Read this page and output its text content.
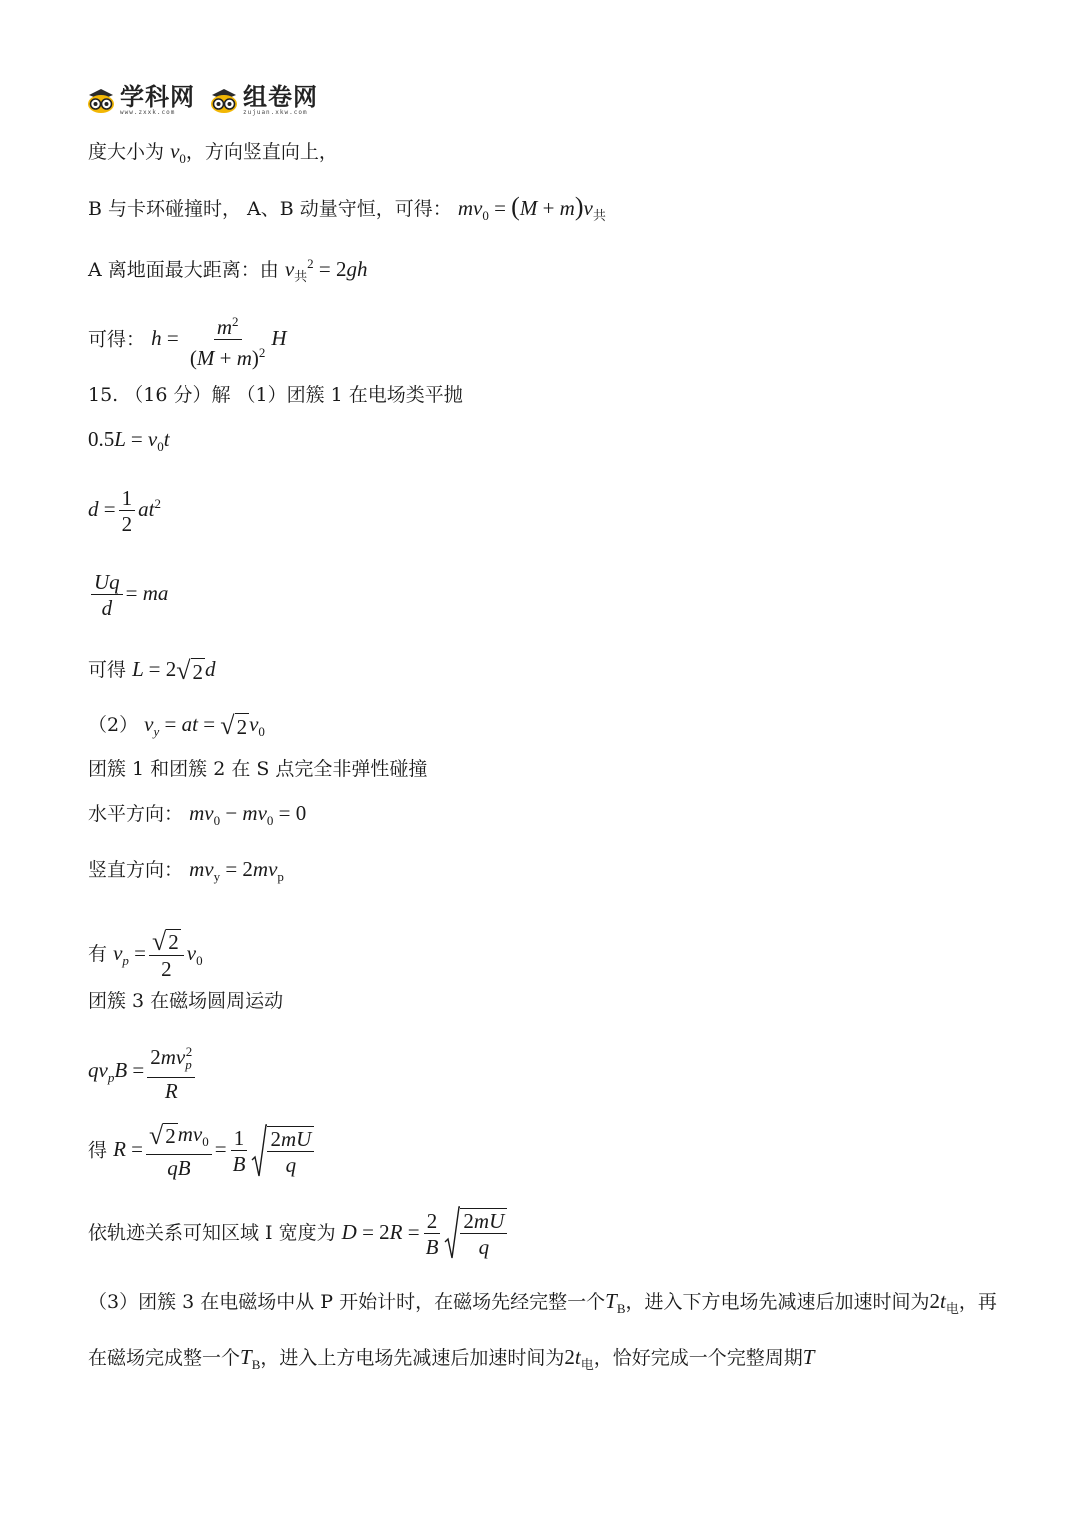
学科网
www.zxxk.com
组卷网
zujuan.xkw.com
度大小为 $v_0$，方向竖直向上，
B 与卡环碰撞时， A、B 动量守恒，可得： $mv_0 = (M + m)v_共$
A 离地面最大距离：由 $v_共^2 = 2gh$
可得： $h = \frac{m^2}{(M + m)^2}$ H
15. （16 分）解 （1）团簇 1 在电场类平抛
$0.5L = v_0t$
$d = \frac{1}{2} at^2$
$\frac{Uq}{d}$ = ma
可得 L = 2 √ 2 d
（2） $v_y$ = at = √ 2 $v_0$
团簇 1 和团簇 2 在 S 点完全非弹性碰撞
水平方向： $mv_0 - mv_0 = 0$
竖直方向： $mv_y = 2mv_p$
有 $v_p = \frac{√ 2}{2} v_0$
团簇 3 在磁场圆周运动
$qv_pB = \frac{2mv_p^2}{R}$
得 $R = \frac{√ 2 mv_0}{qB} = \frac{1}{B} \frac{2mU}{q}$
依轨迹关系可知区域 I 宽度为 $D = 2R = \frac{2}{B} \frac{2mU}{q}$
（3）团簇 3 在电磁场中从 P 开始计时，在磁场先经完整一个$T_B$，进入下方电场先减速后加速时间为$2t_电$，再
在磁场完成整一个$T_B$，进入上方电场先减速后加速时间为$2t_电$，恰好完成一个完整周期T
